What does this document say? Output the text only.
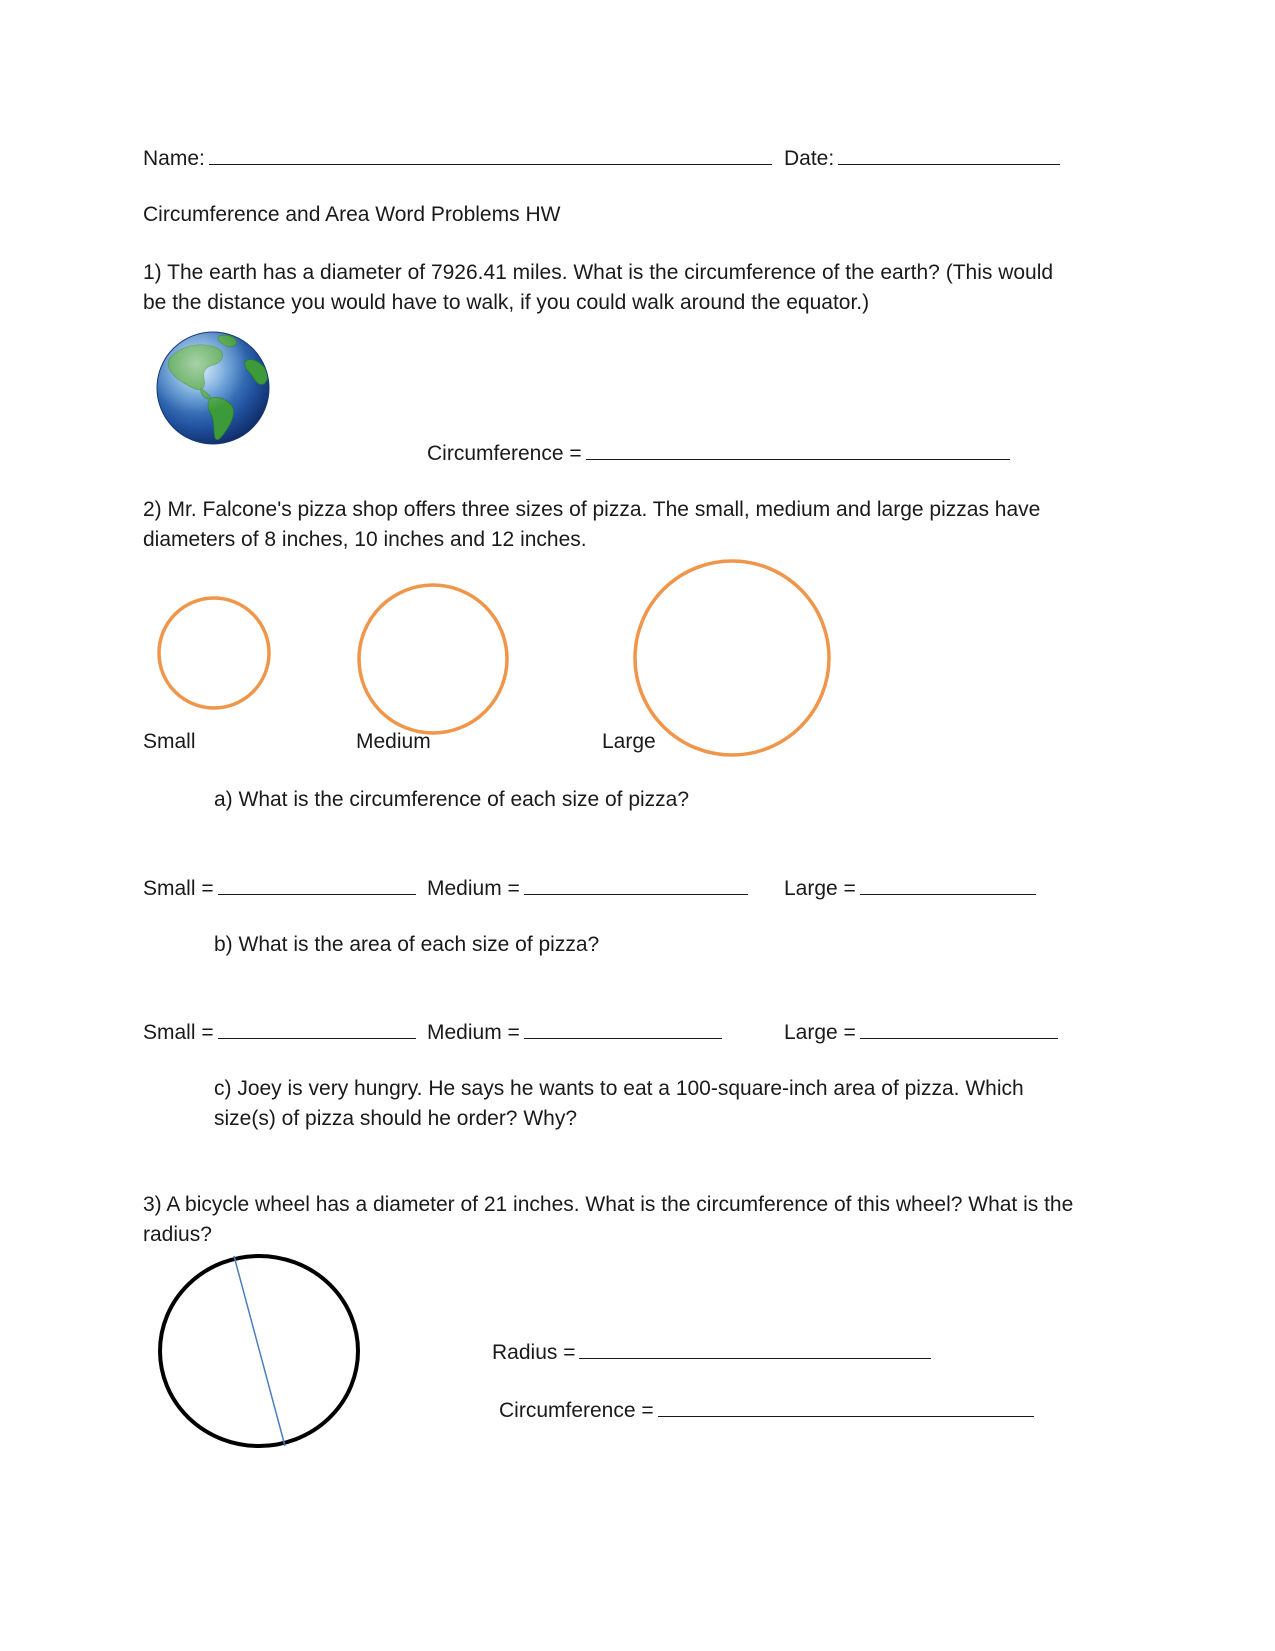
Name:	Date:
Circumference and Area Word Problems HW
1) The earth has a diameter of 7926.41 miles. What is the circumference of the earth? (This would be the distance you would have to walk, if you could walk around the equator.)
Circumference =
2) Mr. Falcone's pizza shop offers three sizes of pizza. The small, medium and large pizzas have diameters of 8 inches, 10 inches and 12 inches.
Small	Medium	Large
a) What is the circumference of each size of pizza?
Small =	Medium =	Large =
b) What is the area of each size of pizza?
Small =	Medium =	Large =
c) Joey is very hungry. He says he wants to eat a 100-square-inch area of pizza. Which size(s) of pizza should he order? Why?
3) A bicycle wheel has a diameter of 21 inches. What is the circumference of this wheel? What is the radius?
Radius =
Circumference =
